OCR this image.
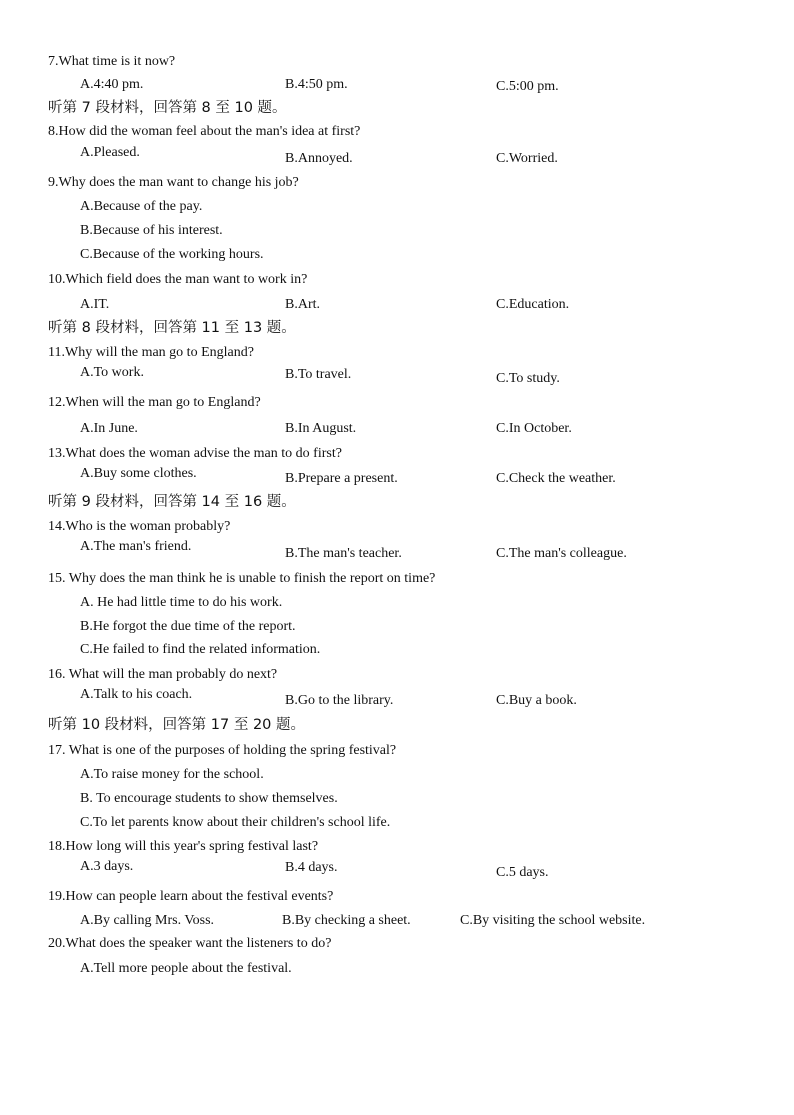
7.What time is it now?
A.4:40 pm.	B.4:50 pm.	C.5:00 pm.
听第 7 段材料，回答第 8 至 10 题。
8.How did the woman feel about the man's idea at first?
A.Pleased.	B.Annoyed.	C.Worried.
9.Why does the man want to change his job?
A.Because of the pay.
B.Because of his interest.
C.Because of the working hours.
10.Which field does the man want to work in?
A.IT.	B.Art.	C.Education.
听第 8 段材料，回答第 11 至 13 题。
11.Why will the man go to England?
A.To work.	B.To travel.	C.To study.
12.When will the man go to England?
A.In June.	B.In August.	C.In October.
13.What does the woman advise the man to do first?
A.Buy some clothes.	B.Prepare a present.	C.Check the weather.
听第 9 段材料，回答第 14 至 16 题。
14.Who is the woman probably?
A.The man's friend.	B.The man's teacher.	C.The man's colleague.
15. Why does the man think he is unable to finish the report on time?
A. He had little time to do his work.
B.He forgot the due time of the report.
C.He failed to find the related information.
16. What will the man probably do next?
A.Talk to his coach.	B.Go to the library.	C.Buy a book.
听第 10 段材料，回答第 17 至 20 题。
17. What is one of the purposes of holding the spring festival?
A.To raise money for the school.
B. To encourage students to show themselves.
C.To let parents know about their children's school life.
18.How long will this year's spring festival last?
A.3 days.	B.4 days.	C.5 days.
19.How can people learn about the festival events?
A.By calling Mrs. Voss.	B.By checking a sheet.	C.By visiting the school website.
20.What does the speaker want the listeners to do?
A.Tell more people about the festival.
